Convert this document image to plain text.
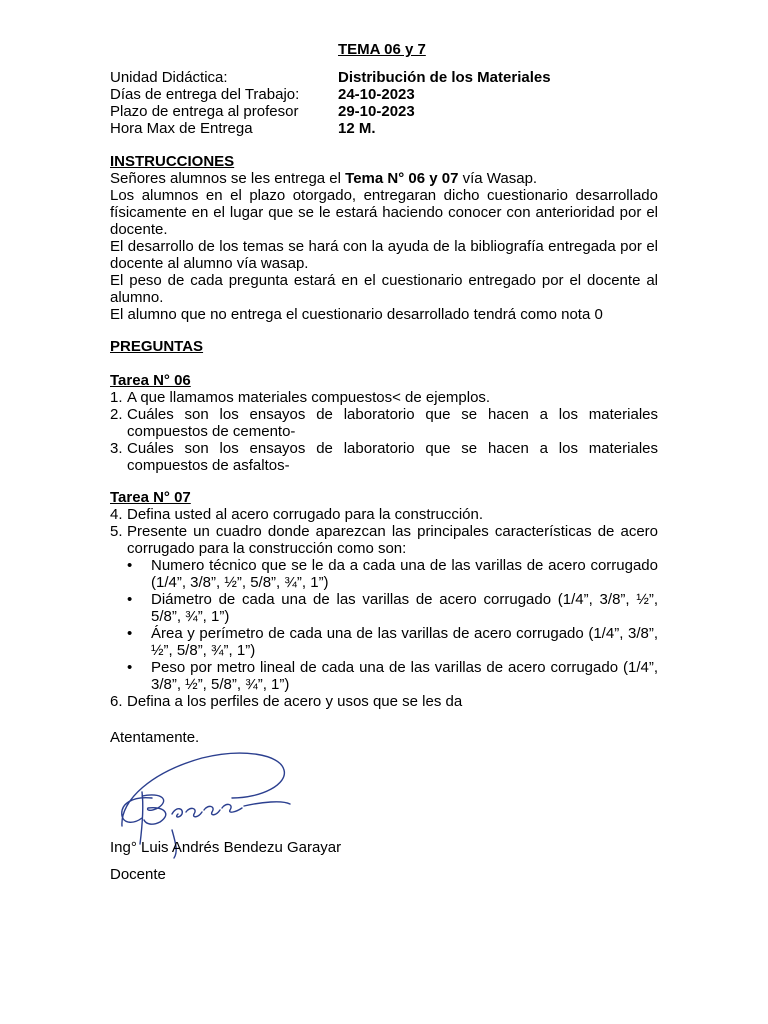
TEMA 06 y 7
Unidad Didáctica:	Distribución de los Materiales
Días de entrega del Trabajo:	24-10-2023
Plazo de entrega al profesor	29-10-2023
Hora Max de Entrega	12 M.
INSTRUCCIONES

Señores alumnos se les entrega el Tema N° 06 y 07 vía Wasap.

Los alumnos en el plazo otorgado, entregaran dicho cuestionario desarrollado físicamente en el lugar que se le estará haciendo conocer con anterioridad por el docente.

El desarrollo de los temas se hará con la ayuda de la bibliografía entregada por el docente al alumno vía wasap.

El peso de cada pregunta estará en el cuestionario entregado por el docente al alumno.

El alumno que no entrega el cuestionario desarrollado tendrá como nota 0

PREGUNTAS
Tarea N° 06
1. A que llamamos materiales compuestos< de ejemplos.
2. Cuáles son los ensayos de laboratorio que se hacen a los materiales compuestos de cemento-
3. Cuáles son los ensayos de laboratorio que se hacen a los materiales compuestos de asfaltos-
Tarea N° 07
4. Defina usted al acero corrugado para la construcción.
5. Presente un cuadro donde aparezcan las principales características de acero corrugado para la construcción como son:
•	Numero técnico que se le da a cada una de las varillas de acero corrugado (1/4”, 3/8”, ½”, 5/8”, ¾”, 1”)
•	Diámetro de cada una de las varillas de acero corrugado (1/4”, 3/8”, ½”, 5/8”, ¾”, 1”)
•	Área y perímetro de cada una de las varillas de acero corrugado (1/4”, 3/8”, ½”, 5/8”, ¾”, 1”)
•	Peso por metro lineal de cada una de las varillas de acero corrugado (1/4”, 3/8”, ½”, 5/8”, ¾”, 1”)
6. Defina a los perfiles de acero y usos que se les da
Atentamente.
Ing° Luis Andrés Bendezu Garayar
Docente
